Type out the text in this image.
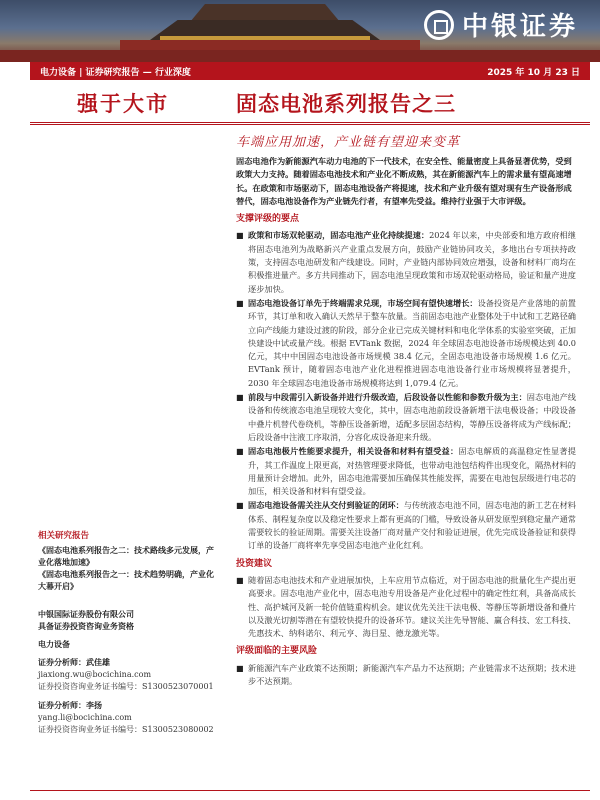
中银证券
电力设备 | 证券研究报告 — 行业深度	2025 年 10 月 23 日
强于大市	固态电池系列报告之三
车端应用加速，产业链有望迎来变革

固态电池作为新能源汽车动力电池的下一代技术，在安全性、能量密度上具备显著优势，受到政策大力支持。随着固态电池技术和产业化不断成熟，其在新能源汽车上的需求量有望高速增长。在政策和市场驱动下，固态电池设备产将提速，技术和产业升级有望对现有生产设备形成替代，固态电池设备作为产业链先行者，有望率先受益。维持行业强于大市评级。

支撑评级的要点
■ 政策和市场双轮驱动，固态电池产业化持续提速：2024 年以来，中央部委和地方政府相继将固态电池列为战略新兴产业重点发展方向，鼓励产业链协同攻关，多地出台专项扶持政策，支持固态电池研发和产线建设。同时，产业链内部协同效应增强，设备和材料厂商均在积极推进量产。多方共同推动下，固态电池呈现政策和市场双轮驱动格局，验证和量产进度逐步加快。
■ 固态电池设备订单先于终端需求兑现，市场空间有望快速增长：设备投资是产业落地的前置环节，其订单和收入确认天然早于整车放量。当前固态电池产业整体处于中试和工艺路径确立向产线能力建设过渡的阶段，部分企业已完成关键材料和电化学体系的实验室突破，正加快建设中试或量产线。根据 EVTank 数据，2024 年全球固态电池设备市场规模达到 40.0 亿元，其中中国固态电池设备市场规模 38.4 亿元，全固态电池设备市场规模 1.6 亿元。EVTank 预计，随着固态电池产业化进程推进固态电池设备行业市场规模将显著提升，2030 年全球固态电池设备市场规模将达到 1,079.4 亿元。
■ 前段与中段需引入新设备并进行升级改造，后段设备以性能和参数升级为主：固态电池产线设备和传统液态电池呈现较大变化，其中，固态电池前段设备新增干法电极设备；中段设备中叠片机替代卷绕机，等静压设备新增，适配多层固态结构，等静压设备将成为产线标配；后段设备中注液工序取消，分容化成设备迎来升级。
■ 固态电池极片性能要求提升，相关设备和材料有望受益：固态电解质的高温稳定性显著提升，其工作温度上限更高，对热管理要求降低，也带动电池包结构件出现变化，隔热材料的用量预计会增加。此外，固态电池需要加压确保其性能发挥，需要在电池包层级进行电芯的加压，相关设备和材料有望受益。
■ 固态电池设备需关注从交付到验证的闭环：与传统液态电池不同，固态电池的新工艺在材料体系、制程复杂度以及稳定性要求上都有更高的门槛，导致设备从研发原型到稳定量产通常需要较长的验证周期。需要关注设备厂商对量产交付和验证进展，优先完成设备验证和获得订单的设备厂商将率先享受固态电池产业化红利。
投资建议
■ 随着固态电池技术和产业进展加快，上车应用节点临近，对于固态电池的批量化生产提出更高要求。固态电池产业化中，固态电池专用设备是产业化过程中的确定性红利，具备高成长性、高护城河及新一轮价值链重构机会。建议优先关注干法电极、等静压等新增设备和叠片以及激光切割等潜在有望较快提升的设备环节。建议关注先导智能、赢合科技、宏工科技、先惠技术、纳科诺尔、利元亨、海目星、德龙激光等。
评级面临的主要风险
■ 新能源汽车产业政策不达预期；新能源汽车产品力不达预期；产业链需求不达预期；技术进步不达预期。
相关研究报告
《固态电池系列报告之二：技术路线多元发展，产业化落地加速》
《固态电池系列报告之一：技术趋势明确，产业化大幕开启》
中银国际证券股份有限公司
具备证券投资咨询业务资格
电力设备
证券分析师：武佳雄
jiaxiong.wu@bocichina.com
证券投资咨询业务证书编号：S1300523070001
证券分析师：李扬
yang.li@bocichina.com
证券投资咨询业务证书编号：S1300523080002
